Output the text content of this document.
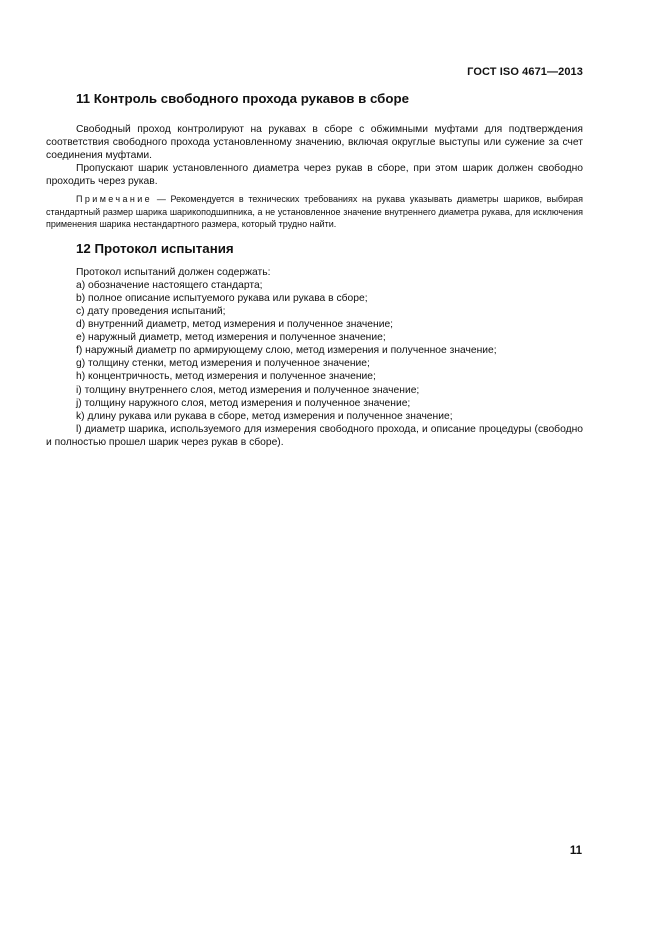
ГОСТ ISO 4671—2013
11 Контроль свободного прохода рукавов в сборе

Свободный проход контролируют на рукавах в сборе с обжимными муфтами для подтверждения соответствия свободного прохода установленному значению, включая округлые выступы или сужение за счет соединения муфтами.

Пропускают шарик установленного диаметра через рукав в сборе, при этом шарик должен свободно проходить через рукав.

Примечание — Рекомендуется в технических требованиях на рукава указывать диаметры шариков, выбирая стандартный размер шарика шарикоподшипника, а не установленное значение внутреннего диаметра рукава, для исключения применения шарика нестандартного размера, который трудно найти.

12 Протокол испытания

Протокол испытаний должен содержать:

a) обозначение настоящего стандарта;

b) полное описание испытуемого рукава или рукава в сборе;

c) дату проведения испытаний;

d) внутренний диаметр, метод измерения и полученное значение;

e) наружный диаметр, метод измерения и полученное значение;

f) наружный диаметр по армирующему слою, метод измерения и полученное значение;

g) толщину стенки, метод измерения и полученное значение;

h) концентричность, метод измерения и полученное значение;

i) толщину внутреннего слоя, метод измерения и полученное значение;

j) толщину наружного слоя, метод измерения и полученное значение;

k) длину рукава или рукава в сборе, метод измерения и полученное значение;

l) диаметр шарика, используемого для измерения свободного прохода, и описание процедуры (свободно и полностью прошел шарик через рукав в сборе).

11
